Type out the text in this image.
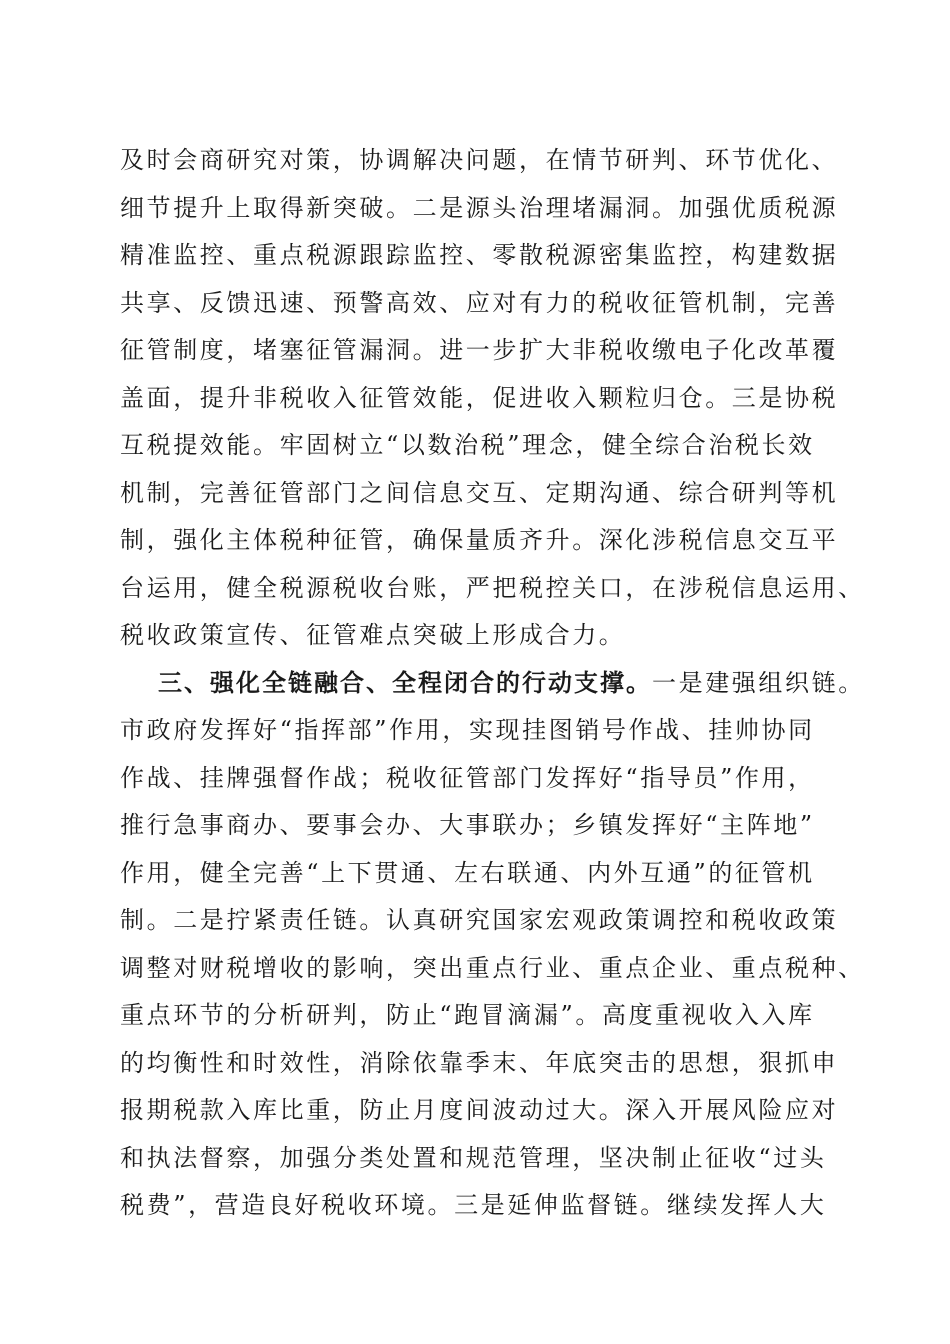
及时会商研究对策，协调解决问题，在情节研判、环节优化、
细节提升上取得新突破。二是源头治理堵漏洞。加强优质税源
精准监控、重点税源跟踪监控、零散税源密集监控，构建数据
共享、反馈迅速、预警高效、应对有力的税收征管机制，完善
征管制度，堵塞征管漏洞。进一步扩大非税收缴电子化改革覆
盖面，提升非税收入征管效能，促进收入颗粒归仓。三是协税
互税提效能。牢固树立“以数治税”理念，健全综合治税长效
机制，完善征管部门之间信息交互、定期沟通、综合研判等机
制，强化主体税种征管，确保量质齐升。深化涉税信息交互平
台运用，健全税源税收台账，严把税控关口，在涉税信息运用、
税收政策宣传、征管难点突破上形成合力。
三、强化全链融合、全程闭合的行动支撑。一是建强组织链。
市政府发挥好“指挥部”作用，实现挂图销号作战、挂帅协同
作战、挂牌强督作战；税收征管部门发挥好“指导员”作用，
推行急事商办、要事会办、大事联办；乡镇发挥好“主阵地”
作用，健全完善“上下贯通、左右联通、内外互通”的征管机
制。二是拧紧责任链。认真研究国家宏观政策调控和税收政策
调整对财税增收的影响，突出重点行业、重点企业、重点税种、
重点环节的分析研判，防止“跑冒滴漏”。高度重视收入入库
的均衡性和时效性，消除依靠季末、年底突击的思想，狠抓申
报期税款入库比重，防止月度间波动过大。深入开展风险应对
和执法督察，加强分类处置和规范管理，坚决制止征收“过头
税费”，营造良好税收环境。三是延伸监督链。继续发挥人大
